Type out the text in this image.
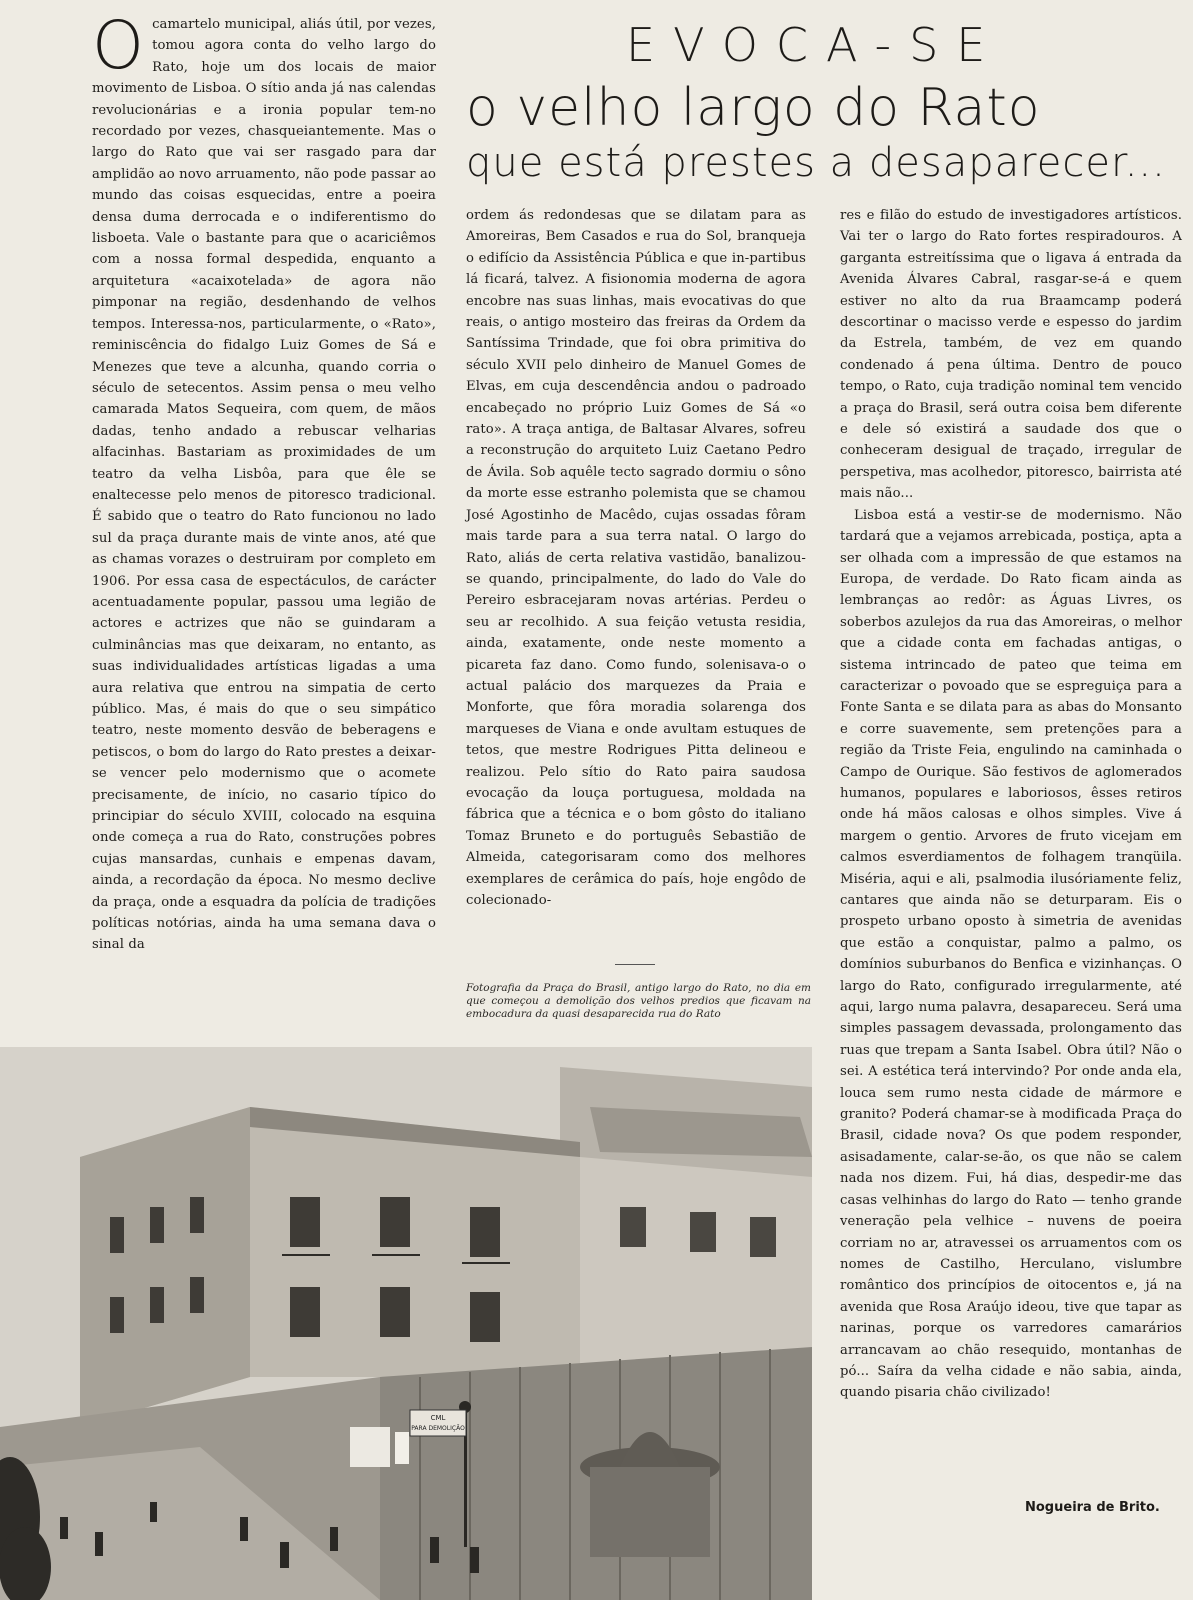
EVOCA-SE
o velho largo do Rato
que está prestes a desaparecer...
O camartelo municipal, aliás útil, por vezes, tomou agora conta do velho largo do Rato, hoje um dos locais de maior movimento de Lisboa. O sítio anda já nas calendas revolucionárias e a ironia popular tem-no recordado por vezes, chasqueiantemente. Mas o largo do Rato que vai ser rasgado para dar amplidão ao novo arruamento, não pode passar ao mundo das coisas esquecidas, entre a poeira densa duma derrocada e o indiferentismo do lisboeta. Vale o bastante para que o acariciêmos com a nossa formal despedida, enquanto a arquitetura «acaixotelada» de agora não pimponar na região, desdenhando de velhos tempos. Interessa-nos, particularmente, o «Rato», reminiscência do fidalgo Luiz Gomes de Sá e Menezes que teve a alcunha, quando corria o século de setecentos. Assim pensa o meu velho camarada Matos Sequeira, com quem, de mãos dadas, tenho andado a rebuscar velharias alfacinhas. Bastariam as proximidades de um teatro da velha Lisbôa, para que êle se enaltecesse pelo menos de pitoresco tradicional. É sabido que o teatro do Rato funcionou no lado sul da praça durante mais de vinte anos, até que as chamas vorazes o destruiram por completo em 1906. Por essa casa de espectáculos, de carácter acentuadamente popular, passou uma legião de actores e actrizes que não se guindaram a culminâncias mas que deixaram, no entanto, as suas individualidades artísticas ligadas a uma aura relativa que entrou na simpatia de certo público. Mas, é mais do que o seu simpático teatro, neste momento desvão de beberagens e petiscos, o bom do largo do Rato prestes a deixar-se vencer pelo modernismo que o acomete precisamente, de início, no casario típico do principiar do século XVIII, colocado na esquina onde começa a rua do Rato, construções pobres cujas mansardas, cunhais e empenas davam, ainda, a recordação da época. No mesmo declive da praça, onde a esquadra da polícia de tradições políticas notórias, ainda ha uma semana dava o sinal da

ordem ás redondesas que se dilatam para as Amoreiras, Bem Casados e rua do Sol, branqueja o edifício da Assistência Pública e que in-partibus lá ficará, talvez. A fisionomia moderna de agora encobre nas suas linhas, mais evocativas do que reais, o antigo mosteiro das freiras da Ordem da Santíssima Trindade, que foi obra primitiva do século XVII pelo dinheiro de Manuel Gomes de Elvas, em cuja descendência andou o padroado encabeçado no próprio Luiz Gomes de Sá «o rato». A traça antiga, de Baltasar Alvares, sofreu a reconstrução do arquiteto Luiz Caetano Pedro de Ávila. Sob aquêle tecto sagrado dormiu o sôno da morte esse estranho polemista que se chamou José Agostinho de Macêdo, cujas ossadas fôram mais tarde para a sua terra natal. O largo do Rato, aliás de certa relativa vastidão, banalizou-se quando, principalmente, do lado do Vale do Pereiro esbracejaram novas artérias. Perdeu o seu ar recolhido. A sua feição vetusta residia, ainda, exatamente, onde neste momento a picareta faz dano. Como fundo, solenisava-o o actual palácio dos marquezes da Praia e Monforte, que fôra moradia solarenga dos marqueses de Viana e onde avultam estuques de tetos, que mestre Rodrigues Pitta delineou e realizou. Pelo sítio do Rato paira saudosa evocação da louça portuguesa, moldada na fábrica que a técnica e o bom gôsto do italiano Tomaz Bruneto e do português Sebastião de Almeida, categorisaram como dos melhores exemplares de cerâmica do país, hoje engôdo de colecionado-

Fotografia da Praça do Brasil, antigo largo do Rato, no dia em que começou a demolição dos velhos predios que ficavam na embocadura da quasi desaparecida rua do Rato

res e filão do estudo de investigadores artísticos. Vai ter o largo do Rato fortes respiradouros. A garganta estreitíssima que o ligava á entrada da Avenida Álvares Cabral, rasgar-se-á e quem estiver no alto da rua Braamcamp poderá descortinar o macisso verde e espesso do jardim da Estrela, também, de vez em quando condenado á pena última. Dentro de pouco tempo, o Rato, cuja tradição nominal tem vencido a praça do Brasil, será outra coisa bem diferente e dele só existirá a saudade dos que o conheceram desigual de traçado, irregular de perspetiva, mas acolhedor, pitoresco, bairrista até mais não...

Lisboa está a vestir-se de modernismo. Não tardará que a vejamos arrebicada, postiça, apta a ser olhada com a impressão de que estamos na Europa, de verdade. Do Rato ficam ainda as lembranças ao redôr: as Águas Livres, os soberbos azulejos da rua das Amoreiras, o melhor que a cidade conta em fachadas antigas, o sistema intrincado de pateo que teima em caracterizar o povoado que se espreguiça para a Fonte Santa e se dilata para as abas do Monsanto e corre suavemente, sem pretenções para a região da Triste Feia, engulindo na caminhada o Campo de Ourique. São festivos de aglomerados humanos, populares e laboriosos, êsses retiros onde há mãos calosas e olhos simples. Vive á margem o gentio. Arvores de fruto vicejam em calmos esverdiamentos de folhagem tranqüila. Miséria, aqui e ali, psalmodia ilusóriamente feliz, cantares que ainda não se deturparam. Eis o prospeto urbano oposto à simetria de avenidas que estão a conquistar, palmo a palmo, os domínios suburbanos do Benfica e vizinhanças. O largo do Rato, configurado irregularmente, até aqui, largo numa palavra, desapareceu. Será uma simples passagem devassada, prolongamento das ruas que trepam a Santa Isabel. Obra útil? Não o sei. A estética terá intervindo? Por onde anda ela, louca sem rumo nesta cidade de mármore e granito? Poderá chamar-se à modificada Praça do Brasil, cidade nova? Os que podem responder, asisadamente, calar-se-ão, os que não se calem nada nos dizem. Fui, há dias, despedir-me das casas velhinhas do largo do Rato — tenho grande veneração pela velhice – nuvens de poeira corriam no ar, atravessei os arruamentos com os nomes de Castilho, Herculano, vislumbre romântico dos princípios de oitocentos e, já na avenida que Rosa Araújo ideou, tive que tapar as narinas, porque os varredores camarários arrancavam ao chão resequido, montanhas de pó... Saíra da velha cidade e não sabia, ainda, quando pisaria chão civilizado!

Nogueira de Brito.
CML
PARA DEMOLIÇÃO
